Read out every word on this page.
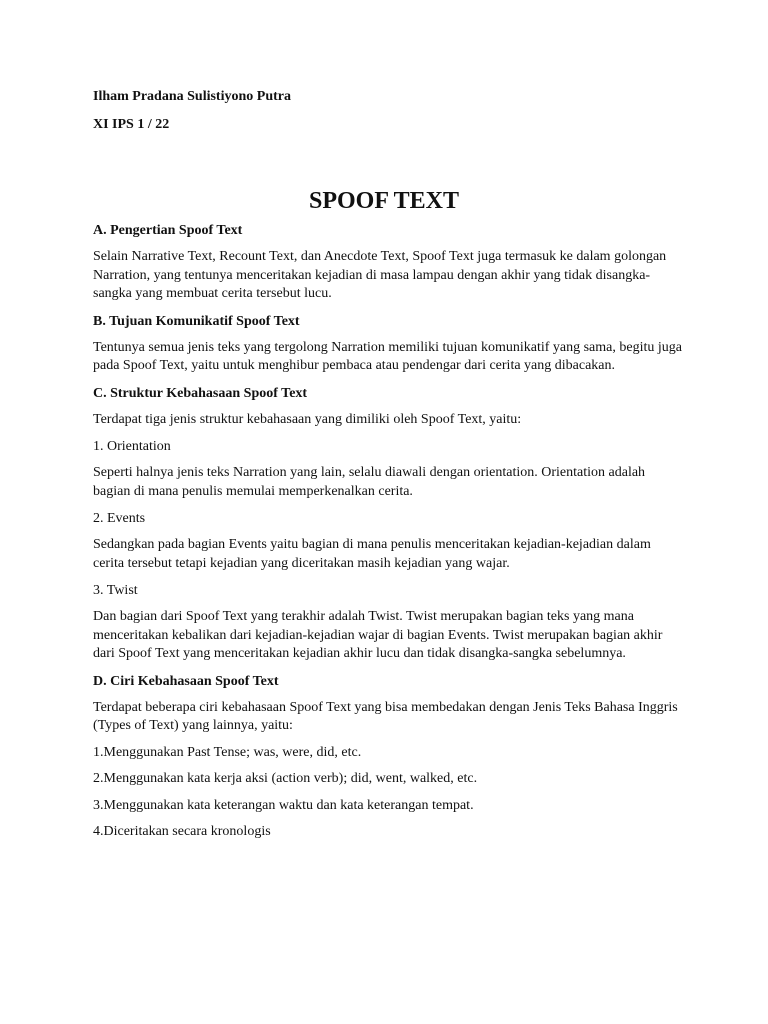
Ilham Pradana Sulistiyono Putra
XI IPS 1 / 22
SPOOF TEXT
A. Pengertian Spoof Text

Selain Narrative Text, Recount Text, dan Anecdote Text, Spoof Text juga termasuk ke dalam golongan Narration, yang tentunya menceritakan kejadian di masa lampau dengan akhir yang tidak disangka-sangka yang membuat cerita tersebut lucu.

B. Tujuan Komunikatif Spoof Text

Tentunya semua jenis teks yang tergolong Narration memiliki tujuan komunikatif yang sama, begitu juga pada Spoof Text, yaitu untuk menghibur pembaca atau pendengar dari cerita yang dibacakan.

C. Struktur Kebahasaan Spoof Text

Terdapat tiga jenis struktur kebahasaan yang dimiliki oleh Spoof Text, yaitu:

1. Orientation

Seperti halnya jenis teks Narration yang lain, selalu diawali dengan orientation. Orientation adalah bagian di mana penulis memulai memperkenalkan cerita.

2. Events

Sedangkan pada bagian Events yaitu bagian di mana penulis menceritakan kejadian-kejadian dalam cerita tersebut tetapi kejadian yang diceritakan masih kejadian yang wajar.

3. Twist

Dan bagian dari Spoof Text yang terakhir adalah Twist. Twist merupakan bagian teks yang mana menceritakan kebalikan dari kejadian-kejadian wajar di bagian Events. Twist merupakan bagian akhir dari Spoof Text yang menceritakan kejadian akhir lucu dan tidak disangka-sangka sebelumnya.

D. Ciri Kebahasaan Spoof Text

Terdapat beberapa ciri kebahasaan Spoof Text yang bisa membedakan dengan Jenis Teks Bahasa Inggris (Types of Text) yang lainnya, yaitu:

1.Menggunakan Past Tense; was, were, did, etc.

2.Menggunakan kata kerja aksi (action verb); did, went, walked, etc.

3.Menggunakan kata keterangan waktu dan kata keterangan tempat.

4.Diceritakan secara kronologis
